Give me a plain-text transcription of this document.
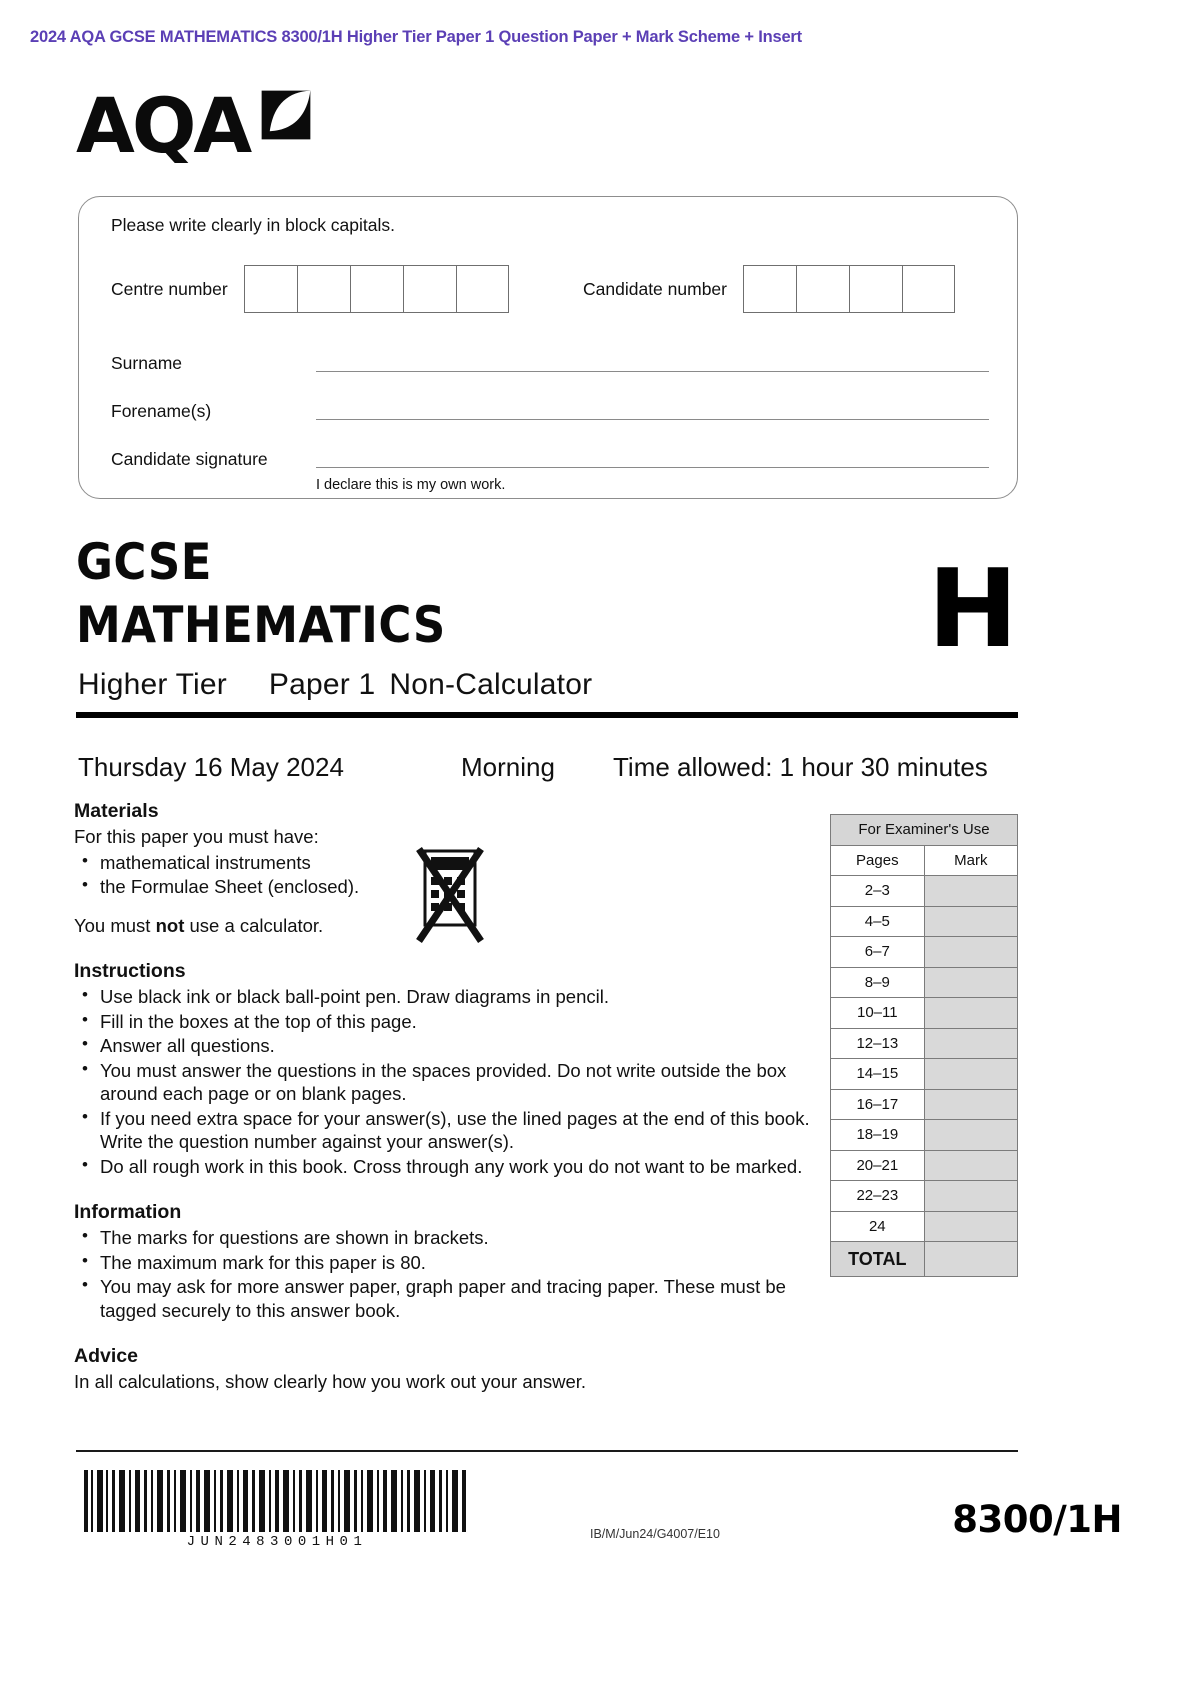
2024 AQA GCSE MATHEMATICS 8300/1H Higher Tier Paper 1 Question Paper + Mark Scheme + Insert
AQA
Please write clearly in block capitals.
Centre number	Candidate number
Surname
Forename(s)
Candidate signature
I declare this is my own work.
GCSE
MATHEMATICS
Higher Tier Paper 1 Non-Calculator
H
Thursday 16 May 2024	Morning	Time allowed: 1 hour 30 minutes
Materials
For this paper you must have:
• mathematical instruments
• the Formulae Sheet (enclosed).
You must not use a calculator.
Instructions
• Use black ink or black ball-point pen. Draw diagrams in pencil.
• Fill in the boxes at the top of this page.
• Answer all questions.
• You must answer the questions in the spaces provided. Do not write outside the box around each page or on blank pages.
• If you need extra space for your answer(s), use the lined pages at the end of this book. Write the question number against your answer(s).
• Do all rough work in this book. Cross through any work you do not want to be marked.
Information
• The marks for questions are shown in brackets.
• The maximum mark for this paper is 80.
• You may ask for more answer paper, graph paper and tracing paper. These must be tagged securely to this answer book.
Advice
In all calculations, show clearly how you work out your answer.
For Examiner's Use	
Pages	Mark
2–3	
4–5	
6–7	
8–9	
10–11	
12–13	
14–15	
16–17	
18–19	
20–21	
22–23	
24	
TOTAL	
JUN2483001H01	IB/M/Jun24/G4007/E10	8300/1H
